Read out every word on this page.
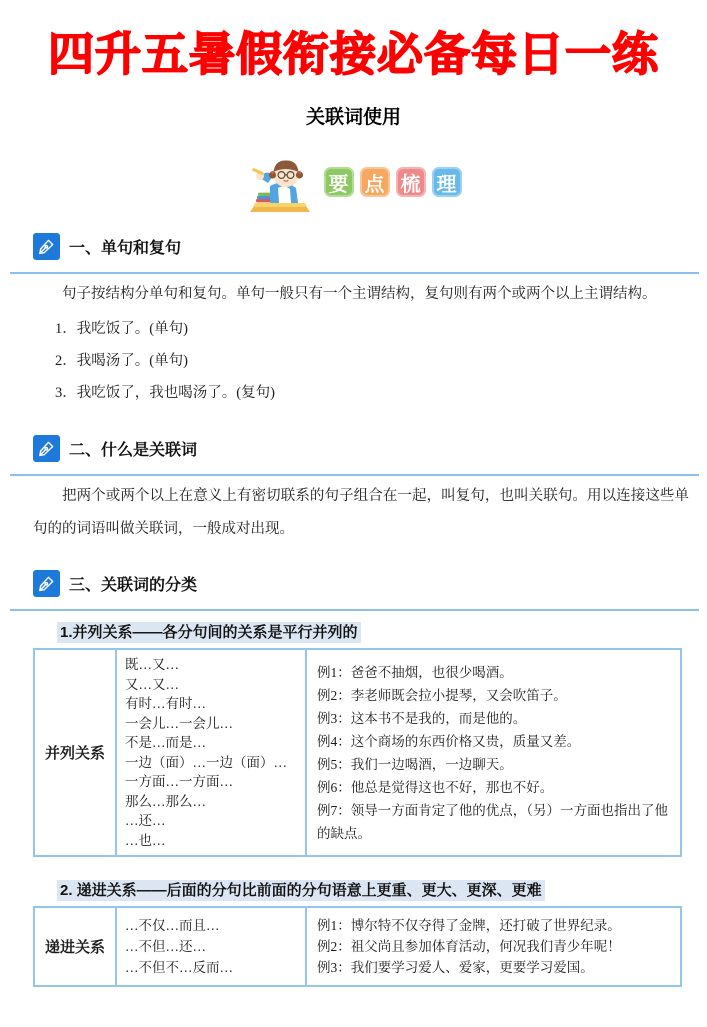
四升五暑假衔接必备每日一练
关联词使用
要 点 梳 理
一、单句和复句

句子按结构分单句和复句。单句一般只有一个主谓结构，复句则有两个或两个以上主谓结构。

1．我吃饭了。(单句)
2．我喝汤了。(单句)
3．我吃饭了，我也喝汤了。(复句)
二、什么是关联词

把两个或两个以上在意义上有密切联系的句子组合在一起，叫复句，也叫关联句。用以连接这些单句的的词语叫做关联词，一般成对出现。

三、关联词的分类
1.并列关系——各分句间的关系是平行并列的
并列关系	
既…又…
又…又…
有时…有时…
一会儿…一会儿…
不是…而是…
一边（面）…一边（面）…
一方面…一方面…
那么…那么…
…还…
…也…

例1：爸爸不抽烟，也很少喝酒。
例2：李老师既会拉小提琴，又会吹笛子。
例3：这本书不是我的，而是他的。
例4：这个商场的东西价格又贵，质量又差。
例5：我们一边喝酒，一边聊天。
例6：他总是觉得这也不好，那也不好。
例7：领导一方面肯定了他的优点，（另）一方面也指出了他的缺点。
2. 递进关系——后面的分句比前面的分句语意上更重、更大、更深、更难
递进关系	
…不仅…而且…
…不但…还…
…不但不…反而…

例1：博尔特不仅夺得了金牌，还打破了世界纪录。
例2：祖父尚且参加体育活动，何况我们青少年呢！
例3：我们要学习爱人、爱家，更要学习爱国。
